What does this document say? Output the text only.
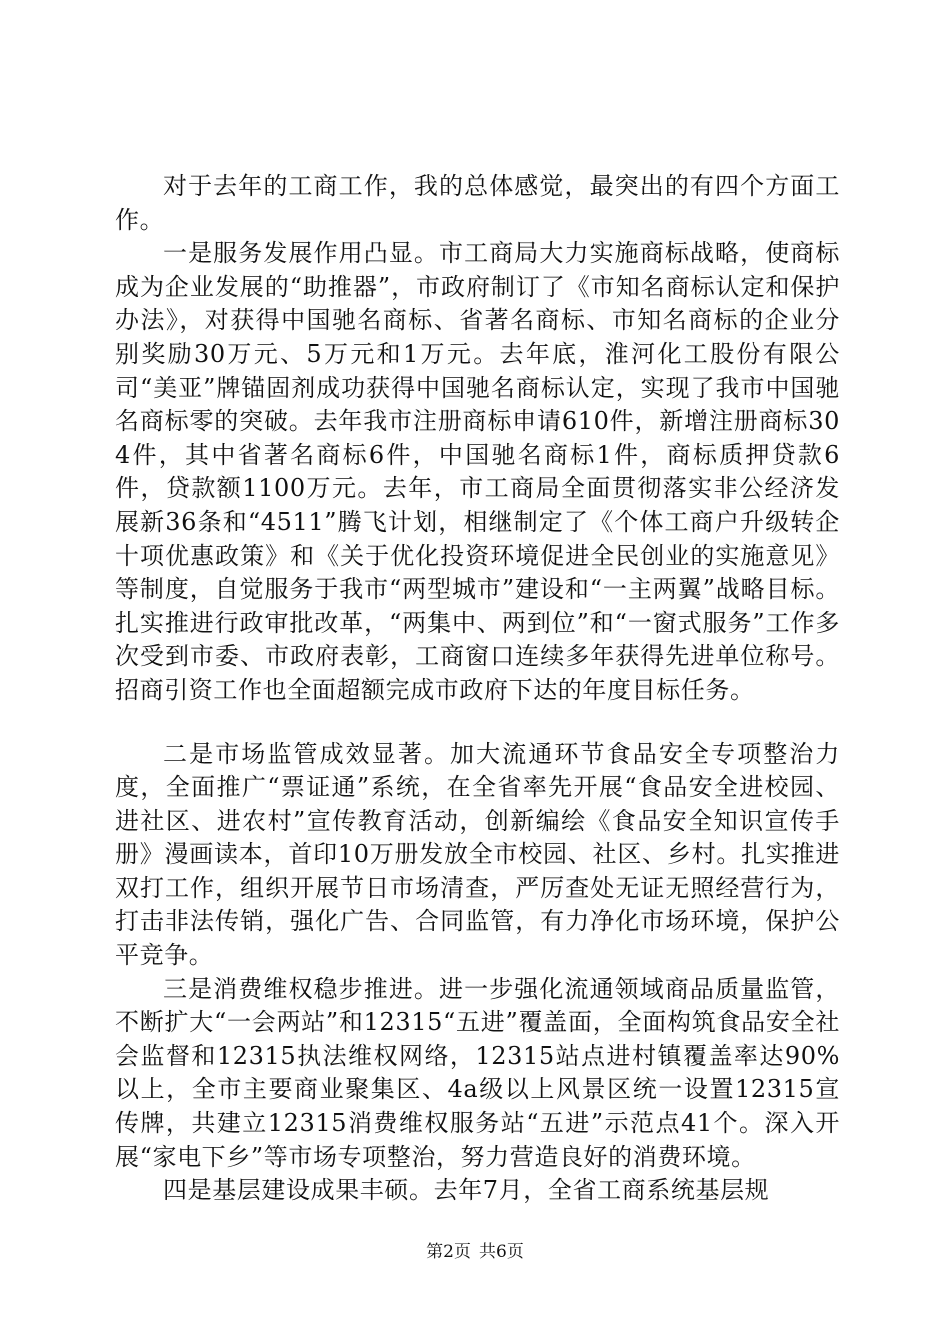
对于去年的工商工作，我的总体感觉，最突出的有四个方面工作。

一是服务发展作用凸显。市工商局大力实施商标战略，使商标成为企业发展的“助推器”，市政府制订了《市知名商标认定和保护办法》，对获得中国驰名商标、省著名商标、市知名商标的企业分别奖励30万元、5万元和1万元。去年底，淮河化工股份有限公司“美亚”牌锚固剂成功获得中国驰名商标认定，实现了我市中国驰名商标零的突破。去年我市注册商标申请610件，新增注册商标304件，其中省著名商标6件，中国驰名商标1件，商标质押贷款6件，贷款额1100万元。去年，市工商局全面贯彻落实非公经济发展新36条和“4511”腾飞计划，相继制定了《个体工商户升级转企十项优惠政策》和《关于优化投资环境促进全民创业的实施意见》等制度，自觉服务于我市“两型城市”建设和“一主两翼”战略目标。扎实推进行政审批改革，“两集中、两到位”和“一窗式服务”工作多次受到市委、市政府表彰，工商窗口连续多年获得先进单位称号。招商引资工作也全面超额完成市政府下达的年度目标任务。

二是市场监管成效显著。加大流通环节食品安全专项整治力度，全面推广“票证通”系统，在全省率先开展“食品安全进校园、进社区、进农村”宣传教育活动，创新编绘《食品安全知识宣传手册》漫画读本，首印10万册发放全市校园、社区、乡村。扎实推进双打工作，组织开展节日市场清查，严厉查处无证无照经营行为，打击非法传销，强化广告、合同监管，有力净化市场环境，保护公平竞争。

三是消费维权稳步推进。进一步强化流通领域商品质量监管，不断扩大“一会两站”和12315“五进”覆盖面，全面构筑食品安全社会监督和12315执法维权网络，12315站点进村镇覆盖率达90%以上，全市主要商业聚集区、4a级以上风景区统一设置12315宣传牌，共建立12315消费维权服务站“五进”示范点41个。深入开展“家电下乡”等市场专项整治，努力营造良好的消费环境。

四是基层建设成果丰硕。去年7月，全省工商系统基层规

第2页 共6页
